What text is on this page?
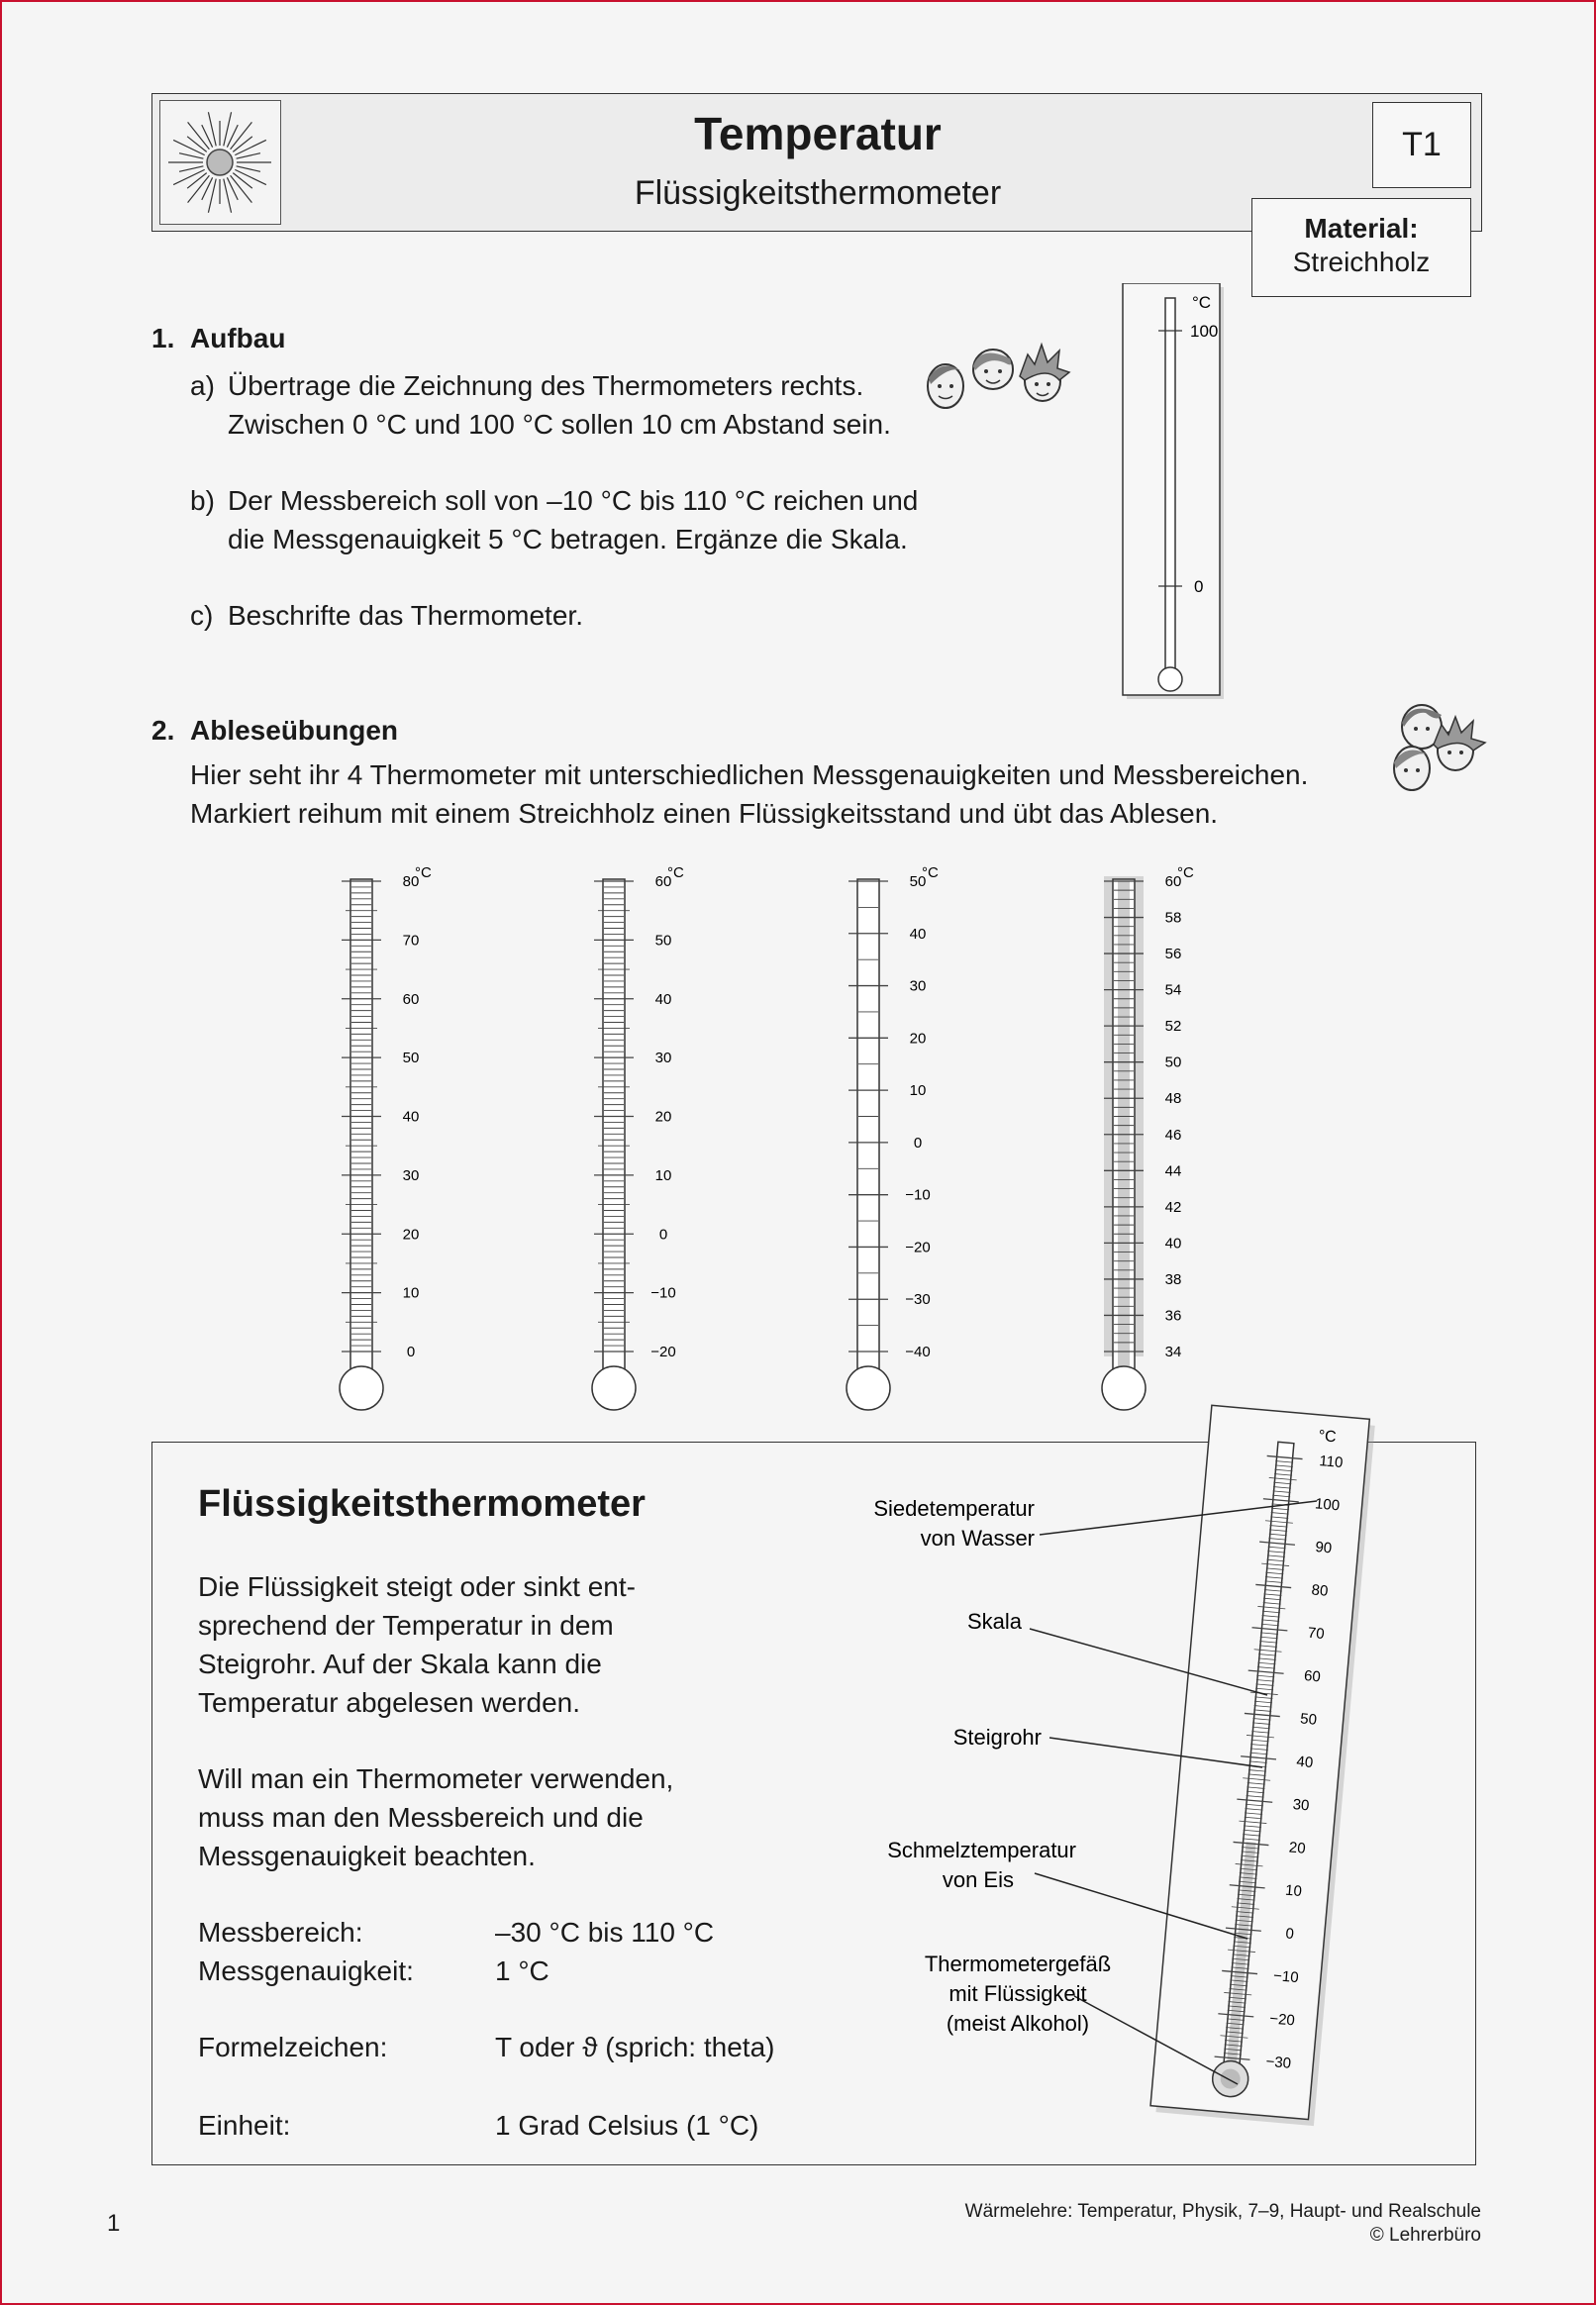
Temperatur
Flüssigkeitsthermometer
T1
Material:
Streichholz
1. Aufbau
a) Übertrage die Zeichnung des Thermometers rechts.
Zwischen 0 °C und 100 °C sollen 10 cm Abstand sein.
b) Der Messbereich soll von –10 °C bis 110 °C reichen und
die Messgenauigkeit 5 °C betragen. Ergänze die Skala.
c) Beschrifte das Thermometer.
°C
100
0
2. Ableseübungen
Hier seht ihr 4 Thermometer mit unterschiedlichen Messgenauigkeiten und Messbereichen.
Markiert reihum mit einem Streichholz einen Flüssigkeitsstand und übt das Ablesen.
°C
80
70
60
50
40
30
20
10
0
°C
60
50
40
30
20
10
0
−10
−20
°C
50
40
30
20
10
0
−10
−20
−30
−40
°C
60
58
56
54
52
50
48
46
44
42
40
38
36
34
Flüssigkeitsthermometer
Die Flüssigkeit steigt oder sinkt ent-
sprechend der Temperatur in dem
Steigrohr. Auf der Skala kann die
Temperatur abgelesen werden.
Will man ein Thermometer verwenden,
muss man den Messbereich und die
Messgenauigkeit beachten.
Messbereich:	–30 °C bis 110 °C
Messgenauigkeit:	1 °C
Formelzeichen:	T oder ϑ (sprich: theta)
Einheit:	1 Grad Celsius (1 °C)
110
100
90
80
70
60
50
40
30
20
10
0
−10
−20
−30
°C
Siedetemperatur
von Wasser
Skala
Steigrohr
Schmelztemperatur
von Eis
Thermometergefäß
mit Flüssigkeit
(meist Alkohol)
1	Wärmelehre: Temperatur, Physik, 7–9, Haupt- und Realschule
© Lehrerbüro
